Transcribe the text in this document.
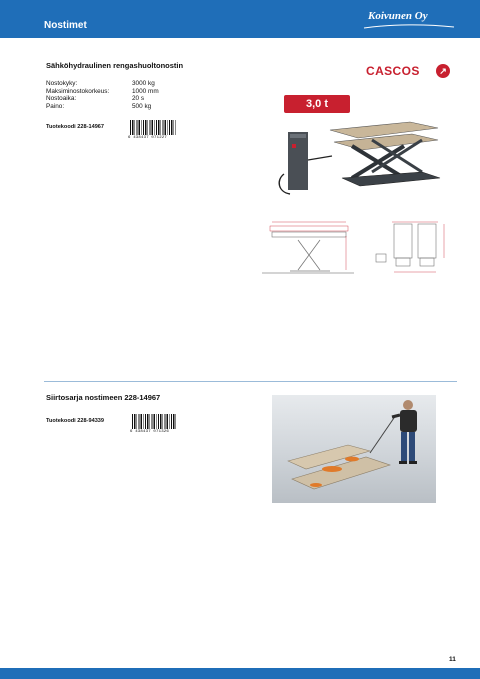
Nostimet
Koivunen Oy
Sähköhydraulinen rengashuoltonostin
Nostokyky:	3000 kg
Maksiminostokorkeus:	1000 mm
Nostoaika:	20 s
Paino:	500 kg
Tuotekoodi 228-14967
6 438437 071227
CASCOS	↗
3,0 t
Siirtosarja nostimeen 228-14967
Tuotekoodi 228-94339
6 438437 071326
11
